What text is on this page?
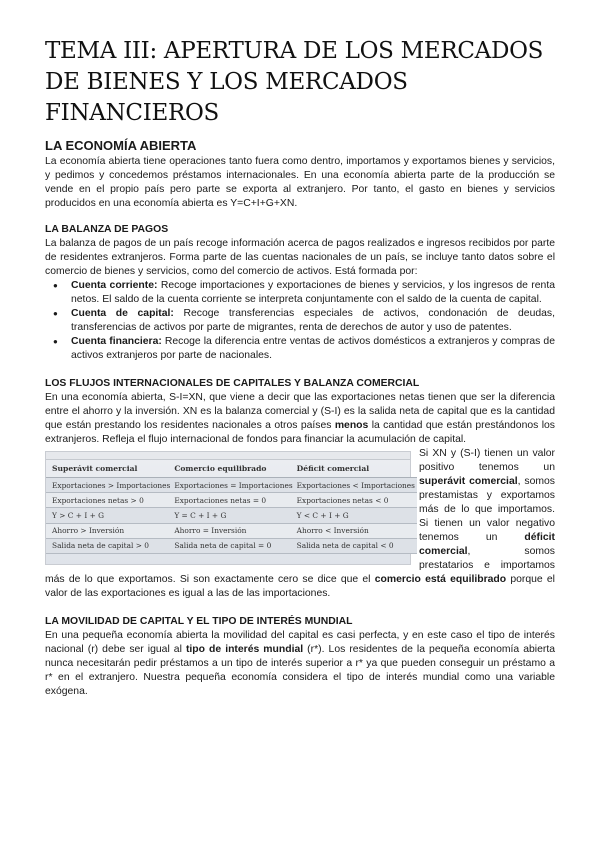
TEMA III: APERTURA DE LOS MERCADOS DE BIENES Y LOS MERCADOS FINANCIEROS
LA ECONOMÍA ABIERTA

La economía abierta tiene operaciones tanto fuera como dentro, importamos y exportamos bienes y servicios, y pedimos y concedemos préstamos internacionales. En una economía abierta parte de la producción se vende en el propio país pero parte se exporta al extranjero. Por tanto, el gasto en bienes y servicios producidos en una economía abierta es Y=C+I+G+XN.

LA BALANZA DE PAGOS

La balanza de pagos de un país recoge información acerca de pagos realizados e ingresos recibidos por parte de residentes extranjeros. Forma parte de las cuentas nacionales de un país, se incluye tanto datos sobre el comercio de bienes y servicios, como del comercio de activos. Está formada por:

● Cuenta corriente: Recoge importaciones y exportaciones de bienes y servicios, y los ingresos de renta netos. El saldo de la cuenta corriente se interpreta conjuntamente con el saldo de la cuenta de capital.
● Cuenta de capital: Recoge transferencias especiales de activos, condonación de deudas, transferencias de activos por parte de migrantes, renta de derechos de autor y uso de patentes.
● Cuenta financiera: Recoge la diferencia entre ventas de activos domésticos a extranjeros y compras de activos extranjeros por parte de nacionales.
LOS FLUJOS INTERNACIONALES DE CAPITALES Y BALANZA COMERCIAL

En una economía abierta, S-I=XN, que viene a decir que las exportaciones netas tienen que ser la diferencia entre el ahorro y la inversión. XN es la balanza comercial y (S-I) es la salida neta de capital que es la cantidad que están prestando los residentes nacionales a otros países menos la cantidad que están prestándonos los extranjeros. Refleja el flujo internacional de fondos para financiar la acumulación de capital.

Superávit comercial	Comercio equilibrado	Déficit comercial
Exportaciones > Importaciones	Exportaciones = Importaciones	Exportaciones < Importaciones
Exportaciones netas > 0	Exportaciones netas = 0	Exportaciones netas < 0
Y > C + I + G	Y = C + I + G	Y < C + I + G
Ahorro > Inversión	Ahorro = Inversión	Ahorro < Inversión
Salida neta de capital > 0	Salida neta de capital = 0	Salida neta de capital < 0
Si XN y (S-I) tienen un valor positivo tenemos un superávit comercial, somos prestamistas y exportamos más de lo que importamos. Si tienen un valor negativo tenemos un déficit comercial, somos prestatarios e importamos más de lo que exportamos. Si son exactamente cero se dice que el comercio está equilibrado porque el valor de las exportaciones es igual a las de las importaciones.
LA MOVILIDAD DE CAPITAL Y EL TIPO DE INTERÉS MUNDIAL

En una pequeña economía abierta la movilidad del capital es casi perfecta, y en este caso el tipo de interés nacional (r) debe ser igual al tipo de interés mundial (r*). Los residentes de la pequeña economía abierta nunca necesitarán pedir préstamos a un tipo de interés superior a r* ya que pueden conseguir un préstamo a r* en el extranjero. Nuestra pequeña economía considera el tipo de interés mundial como una variable exógena.
